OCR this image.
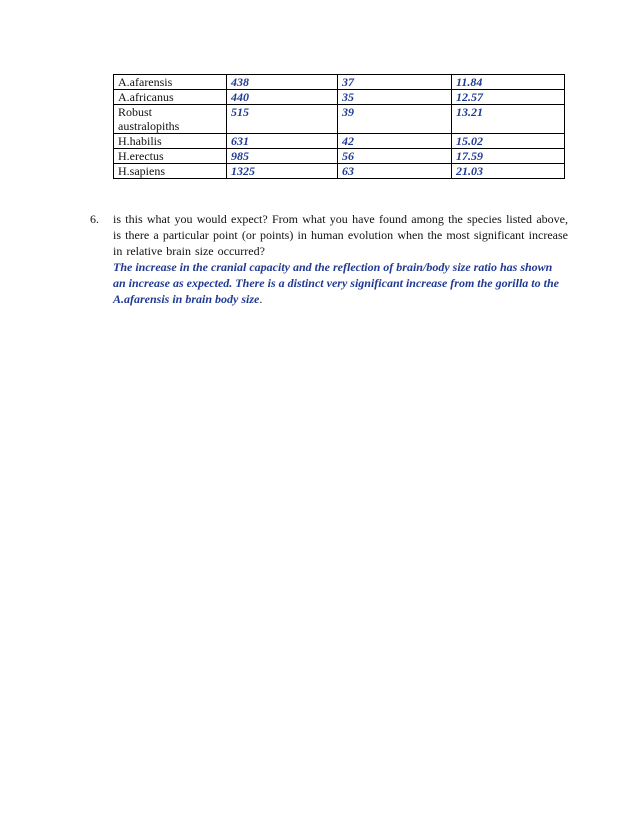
A.afarensis	438	37	11.84
A.africanus	440	35	12.57
Robust australopiths	515	39	13.21
H.habilis	631	42	15.02
H.erectus	985	56	17.59
H.sapiens	1325	63	21.03
6.	is this what you would expect? From what you have found among the species listed above, is there a particular point (or points) in human evolution when the most significant increase in relative brain size occurred?
The increase in the cranial capacity and the reflection of brain/body size ratio has shown an increase as expected. There is a distinct very significant increase from the gorilla to the A.afarensis in brain body size.
